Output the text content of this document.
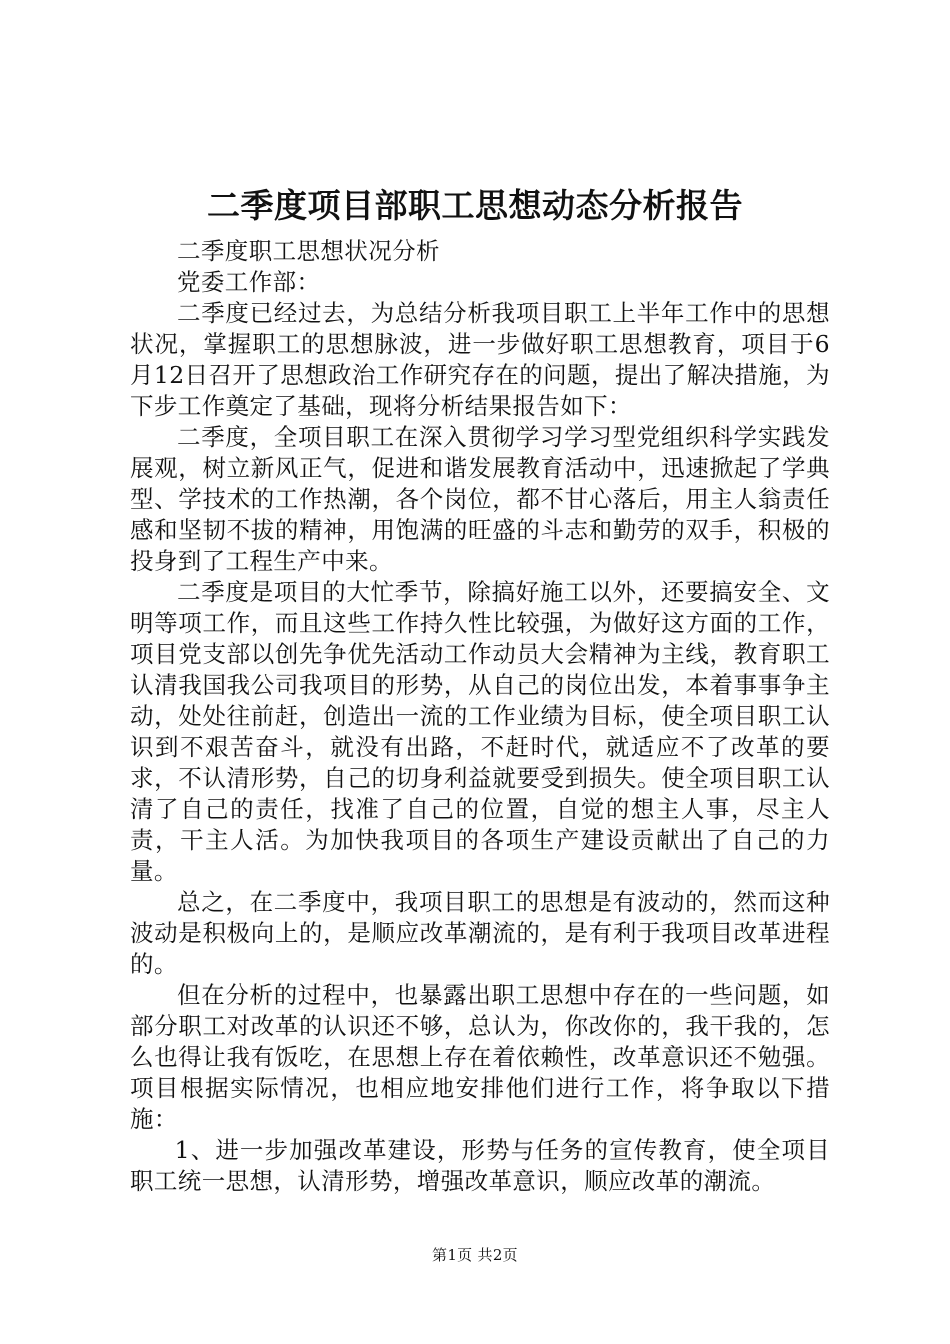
二季度项目部职工思想动态分析报告

二季度职工思想状况分析

党委工作部：

二季度已经过去，为总结分析我项目职工上半年工作中的思想状况，掌握职工的思想脉波，进一步做好职工思想教育，项目于6月12日召开了思想政治工作研究存在的问题，提出了解决措施，为下步工作奠定了基础，现将分析结果报告如下：

二季度，全项目职工在深入贯彻学习学习型党组织科学实践发展观，树立新风正气，促进和谐发展教育活动中，迅速掀起了学典型、学技术的工作热潮，各个岗位，都不甘心落后，用主人翁责任感和坚韧不拔的精神，用饱满的旺盛的斗志和勤劳的双手，积极的投身到了工程生产中来。

二季度是项目的大忙季节，除搞好施工以外，还要搞安全、文明等项工作，而且这些工作持久性比较强，为做好这方面的工作，项目党支部以创先争优先活动工作动员大会精神为主线，教育职工认清我国我公司我项目的形势，从自己的岗位出发，本着事事争主动，处处往前赶，创造出一流的工作业绩为目标，使全项目职工认识到不艰苦奋斗，就没有出路，不赶时代，就适应不了改革的要求，不认清形势，自己的切身利益就要受到损失。使全项目职工认清了自己的责任，找准了自己的位置，自觉的想主人事，尽主人责，干主人活。为加快我项目的各项生产建设贡献出了自己的力量。

总之，在二季度中，我项目职工的思想是有波动的，然而这种波动是积极向上的，是顺应改革潮流的，是有利于我项目改革进程的。

但在分析的过程中，也暴露出职工思想中存在的一些问题，如部分职工对改革的认识还不够，总认为，你改你的，我干我的，怎么也得让我有饭吃，在思想上存在着依赖性，改革意识还不勉强。项目根据实际情况，也相应地安排他们进行工作，将争取以下措施：

1、进一步加强改革建设，形势与任务的宣传教育，使全项目职工统一思想，认清形势，增强改革意识，顺应改革的潮流。

第1页 共2页
